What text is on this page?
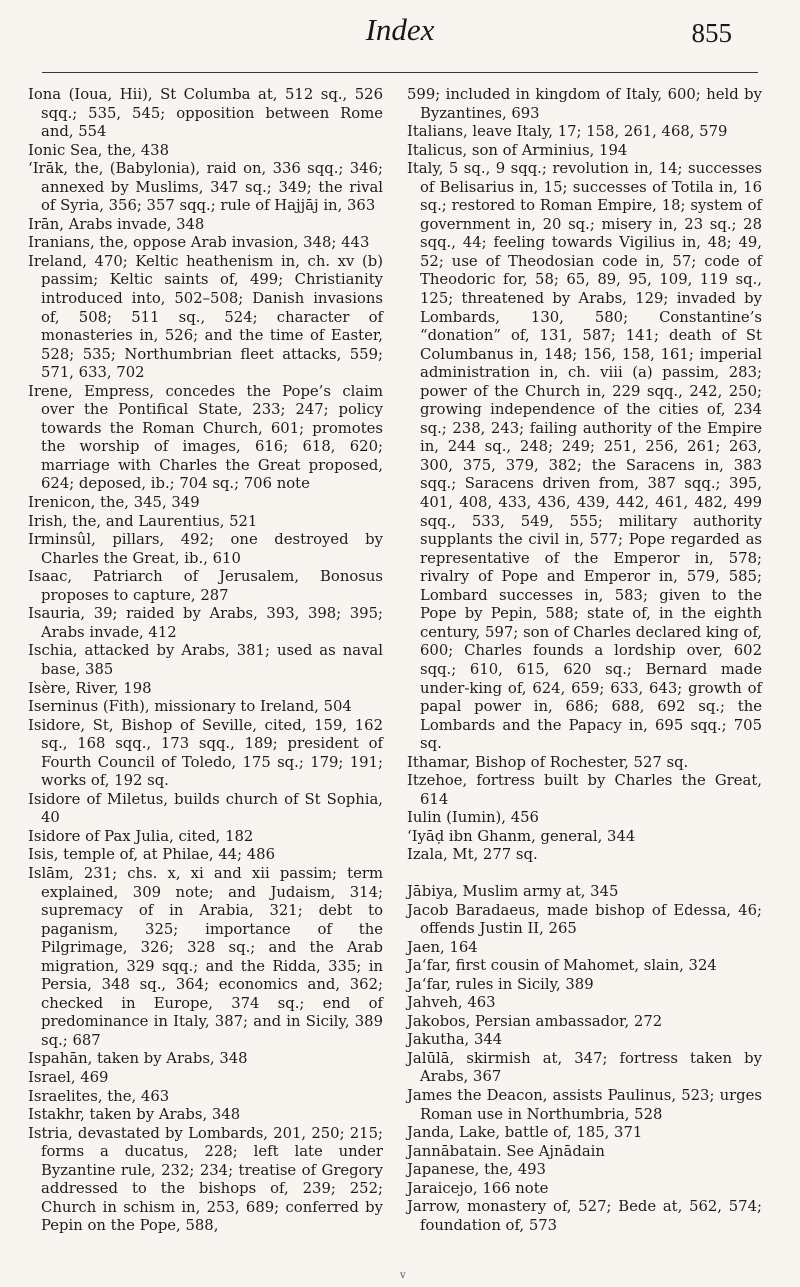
Index	855

Iona (Ioua, Hii), St Columba at, 512 sq., 526 sqq.; 535, 545; opposition between Rome and, 554

Ionic Sea, the, 438

‘Irāk, the, (Babylonia), raid on, 336 sqq.; 346; annexed by Muslims, 347 sq.; 349; the rival of Syria, 356; 357 sqq.; rule of Hajjāj in, 363

Irān, Arabs invade, 348

Iranians, the, oppose Arab invasion, 348; 443

Ireland, 470; Keltic heathenism in, ch. xv (b) passim; Keltic saints of, 499; Christianity introduced into, 502–508; Danish invasions of, 508; 511 sq., 524; character of monasteries in, 526; and the time of Easter, 528; 535; Northumbrian fleet attacks, 559; 571, 633, 702

Irene, Empress, concedes the Pope’s claim over the Pontifical State, 233; 247; policy towards the Roman Church, 601; promotes the worship of images, 616; 618, 620; marriage with Charles the Great proposed, 624; deposed, ib.; 704 sq.; 706 note

Irenicon, the, 345, 349

Irish, the, and Laurentius, 521

Irminsûl, pillars, 492; one destroyed by Charles the Great, ib., 610

Isaac, Patriarch of Jerusalem, Bonosus proposes to capture, 287

Isauria, 39; raided by Arabs, 393, 398; 395; Arabs invade, 412

Ischia, attacked by Arabs, 381; used as naval base, 385

Isère, River, 198

Iserninus (Fith), missionary to Ireland, 504

Isidore, St, Bishop of Seville, cited, 159, 162 sq., 168 sqq., 173 sqq., 189; president of Fourth Council of Toledo, 175 sq.; 179; 191; works of, 192 sq.

Isidore of Miletus, builds church of St Sophia, 40

Isidore of Pax Julia, cited, 182

Isis, temple of, at Philae, 44; 486

Islām, 231; chs. x, xi and xii passim; term explained, 309 note; and Judaism, 314; supremacy of in Arabia, 321; debt to paganism, 325; importance of the Pilgrimage, 326; 328 sq.; and the Arab migration, 329 sqq.; and the Ridda, 335; in Persia, 348 sq., 364; economics and, 362; checked in Europe, 374 sq.; end of predominance in Italy, 387; and in Sicily, 389 sq.; 687

Ispahān, taken by Arabs, 348

Israel, 469

Israelites, the, 463

Istakhr, taken by Arabs, 348

Istria, devastated by Lombards, 201, 250; 215; forms a ducatus, 228; left late under Byzantine rule, 232; 234; treatise of Gregory addressed to the bishops of, 239; 252; Church in schism in, 253, 689; conferred by Pepin on the Pope, 588,

599; included in kingdom of Italy, 600; held by Byzantines, 693

Italians, leave Italy, 17; 158, 261, 468, 579

Italicus, son of Arminius, 194

Italy, 5 sq., 9 sqq.; revolution in, 14; successes of Belisarius in, 15; successes of Totila in, 16 sq.; restored to Roman Empire, 18; system of government in, 20 sq.; misery in, 23 sq.; 28 sqq., 44; feeling towards Vigilius in, 48; 49, 52; use of Theodosian code in, 57; code of Theodoric for, 58; 65, 89, 95, 109, 119 sq., 125; threatened by Arabs, 129; invaded by Lombards, 130, 580; Constantine’s “donation” of, 131, 587; 141; death of St Columbanus in, 148; 156, 158, 161; imperial administration in, ch. viii (a) passim, 283; power of the Church in, 229 sqq., 242, 250; growing independence of the cities of, 234 sq.; 238, 243; failing authority of the Empire in, 244 sq., 248; 249; 251, 256, 261; 263, 300, 375, 379, 382; the Saracens in, 383 sqq.; Saracens driven from, 387 sqq.; 395, 401, 408, 433, 436, 439, 442, 461, 482, 499 sqq., 533, 549, 555; military authority supplants the civil in, 577; Pope regarded as representative of the Emperor in, 578; rivalry of Pope and Emperor in, 579, 585; Lombard successes in, 583; given to the Pope by Pepin, 588; state of, in the eighth century, 597; son of Charles declared king of, 600; Charles founds a lordship over, 602 sqq.; 610, 615, 620 sq.; Bernard made under-king of, 624, 659; 633, 643; growth of papal power in, 686; 688, 692 sq.; the Lombards and the Papacy in, 695 sqq.; 705 sq.

Ithamar, Bishop of Rochester, 527 sq.

Itzehoe, fortress built by Charles the Great, 614

Iulin (Iumin), 456

‘Iyāḍ ibn Ghanm, general, 344

Izala, Mt, 277 sq.

Jābiya, Muslim army at, 345

Jacob Baradaeus, made bishop of Edessa, 46; offends Justin II, 265

Jaen, 164

Ja‘far, first cousin of Mahomet, slain, 324

Ja‘far, rules in Sicily, 389

Jahveh, 463

Jakobos, Persian ambassador, 272

Jakutha, 344

Jalūlā, skirmish at, 347; fortress taken by Arabs, 367

James the Deacon, assists Paulinus, 523; urges Roman use in Northumbria, 528

Janda, Lake, battle of, 185, 371

Jannābatain. See Ajnādain

Japanese, the, 493

Jaraicejo, 166 note

Jarrow, monastery of, 527; Bede at, 562, 574; foundation of, 573

v
